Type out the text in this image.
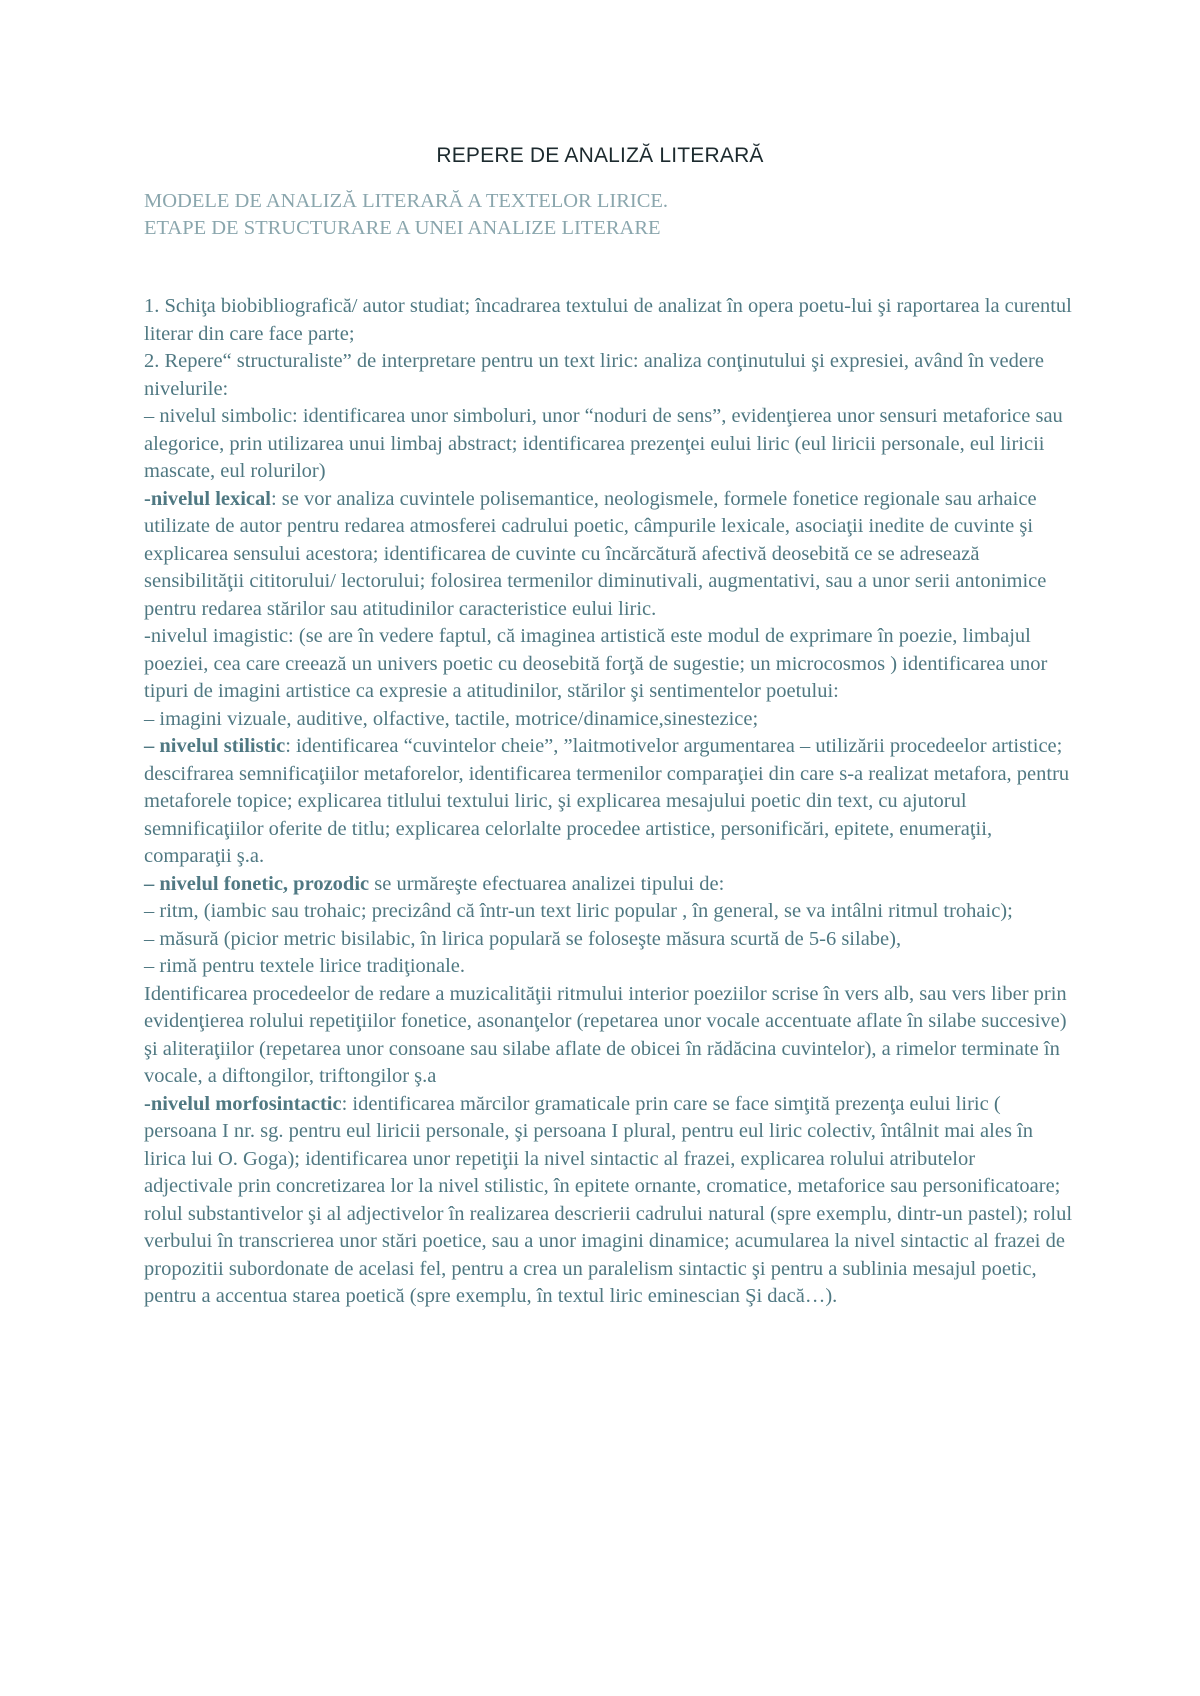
REPERE DE ANALIZĂ LITERARĂ
MODELE DE ANALIZĂ LITERARĂ A TEXTELOR LIRICE.
ETAPE DE STRUCTURARE A UNEI ANALIZE LITERARE

1. Schiţa biobibliografică/ autor studiat; încadrarea textului de analizat în opera poetu-lui şi raportarea la curentul literar din care face parte;

2. Repere“ structuraliste” de interpretare pentru un text liric: analiza conţinutului şi expresiei, având în vedere nivelurile:

– nivelul simbolic: identificarea unor simboluri, unor “noduri de sens”, evidenţierea unor sensuri metaforice sau alegorice, prin utilizarea unui limbaj abstract; identificarea prezenţei eului liric (eul liricii personale, eul liricii mascate, eul rolurilor)

-nivelul lexical: se vor analiza cuvintele polisemantice, neologismele, formele fonetice regionale sau arhaice utilizate de autor pentru redarea atmosferei cadrului poetic, câmpurile lexicale, asociaţii inedite de cuvinte şi explicarea sensului acestora; identificarea de cuvinte cu încărcătură afectivă deosebită ce se adresează sensibilităţii cititorului/ lectorului; folosirea termenilor diminutivali, augmentativi, sau a unor serii antonimice pentru redarea stărilor sau atitudinilor caracteristice eului liric.

-nivelul imagistic: (se are în vedere faptul, că imaginea artistică este modul de exprimare în poezie, limbajul poeziei, cea care creează un univers poetic cu deosebită forţă de sugestie; un microcosmos ) identificarea unor tipuri de imagini artistice ca expresie a atitudinilor, stărilor şi sentimentelor poetului:

– imagini vizuale, auditive, olfactive, tactile, motrice/dinamice,sinestezice;

– nivelul stilistic: identificarea “cuvintelor cheie”, ”laitmotivelor argumentarea – utilizării procedeelor artistice; descifrarea semnificaţiilor metaforelor, identificarea termenilor comparaţiei din care s-a realizat metafora, pentru metaforele topice; explicarea titlului textului liric, şi explicarea mesajului poetic din text, cu ajutorul semnificaţiilor oferite de titlu; explicarea celorlalte procedee artistice, personificări, epitete, enumeraţii, comparaţii ş.a.

– nivelul fonetic, prozodic se urmăreşte efectuarea analizei tipului de:

– ritm, (iambic sau trohaic; precizând că într-un text liric popular , în general, se va intâlni ritmul trohaic);

– măsură (picior metric bisilabic, în lirica populară se foloseşte măsura scurtă de 5-6 silabe),

– rimă pentru textele lirice tradiţionale.

Identificarea procedeelor de redare a muzicalităţii ritmului interior poeziilor scrise în vers alb, sau vers liber prin evidenţierea rolului repetiţiilor fonetice, asonanţelor (repetarea unor vocale accentuate aflate în silabe succesive) şi aliteraţiilor (repetarea unor consoane sau silabe aflate de obicei în rădăcina cuvintelor), a rimelor terminate în vocale, a diftongilor, triftongilor ş.a

-nivelul morfosintactic: identificarea mărcilor gramaticale prin care se face simţită prezenţa eului liric ( persoana I nr. sg. pentru eul liricii personale, şi persoana I plural, pentru eul liric colectiv, întâlnit mai ales în lirica lui O. Goga); identificarea unor repetiţii la nivel sintactic al frazei, explicarea rolului atributelor

adjectivale prin concretizarea lor la nivel stilistic, în epitete ornante, cromatice, metaforice sau personificatoare; rolul substantivelor şi al adjectivelor în realizarea descrierii cadrului natural (spre exemplu, dintr-un pastel); rolul verbului în transcrierea unor stări poetice, sau a unor imagini dinamice; acumularea la nivel sintactic al frazei de propozitii subordonate de acelasi fel, pentru a crea un paralelism sintactic şi pentru a sublinia mesajul poetic, pentru a accentua starea poetică (spre exemplu, în textul liric eminescian Şi dacă…).
